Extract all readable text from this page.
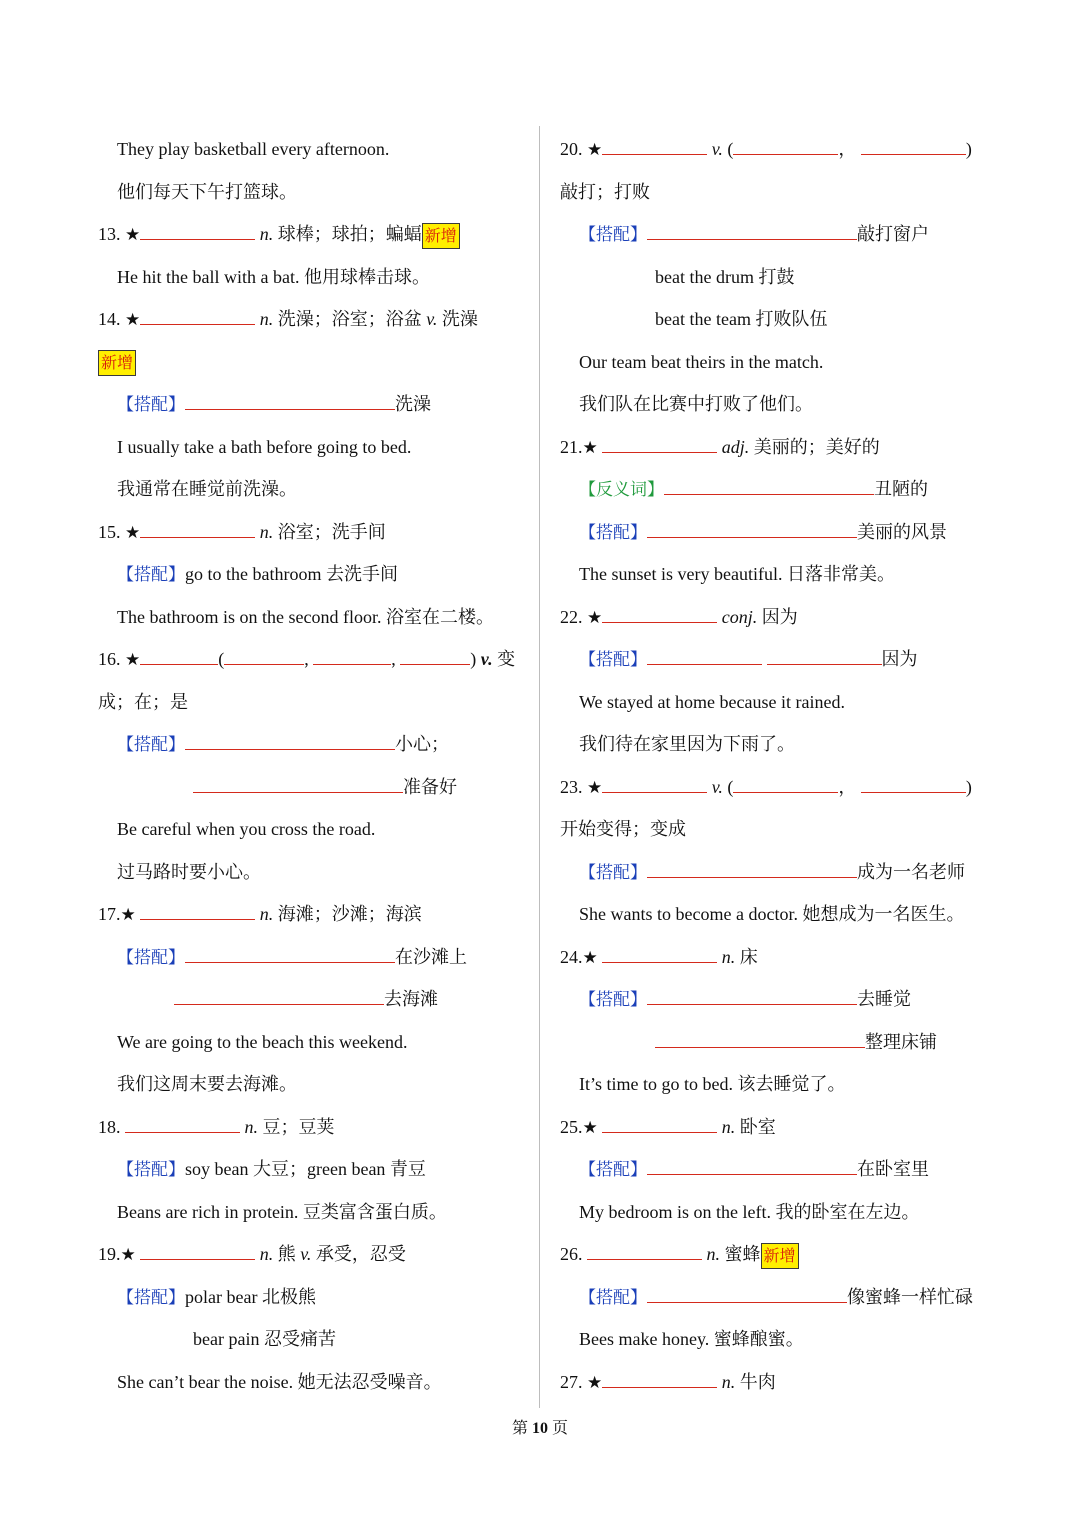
They play basketball every afternoon.
他们每天下午打篮球。
13. ★	n. 球棒；球拍；蝙蝠 新增
He hit the ball with a bat. 他用球棒击球。
14. ★	n. 洗澡；浴室；浴盆 v. 洗澡
新增
【搭配】	洗澡
I usually take a bath before going to bed.
我通常在睡觉前洗澡。
15. ★	n. 浴室；洗手间
【搭配】go to the bathroom 去洗手间
The bathroom is on the second floor. 浴室在二楼。
16. ★	(	,	,	) v. 变
成；在；是
【搭配】	小心；
准备好
Be careful when you cross the road.
过马路时要小心。
17.★	n. 海滩；沙滩；海滨
【搭配】	在沙滩上
去海滩
We are going to the beach this weekend.
我们这周末要去海滩。
18.	n. 豆；豆荚
【搭配】soy bean 大豆；green bean 青豆
Beans are rich in protein. 豆类富含蛋白质。
19.★	n. 熊 v. 承受，忍受
【搭配】polar bear 北极熊
bear pain 忍受痛苦
She can’t bear the noise. 她无法忍受噪音。
20. ★	v. (	，	)
敲打；打败
【搭配】	敲打窗户
beat the drum 打鼓
beat the team 打败队伍
Our team beat theirs in the match.
我们队在比赛中打败了他们。
21.★	adj. 美丽的；美好的
【反义词】	丑陋的
【搭配】	美丽的风景
The sunset is very beautiful. 日落非常美。
22. ★	conj. 因为
【搭配】	因为
We stayed at home because it rained.
我们待在家里因为下雨了。
23. ★	v. (	，	)
开始变得；变成
【搭配】	成为一名老师
She wants to become a doctor. 她想成为一名医生。
24.★	n. 床
【搭配】	去睡觉
整理床铺
It’s time to go to bed. 该去睡觉了。
25.★	n. 卧室
【搭配】	在卧室里
My bedroom is on the left. 我的卧室在左边。
26.	n. 蜜蜂 新增
【搭配】	像蜜蜂一样忙碌
Bees make honey. 蜜蜂酿蜜。
27. ★	n. 牛肉
第 10 页
